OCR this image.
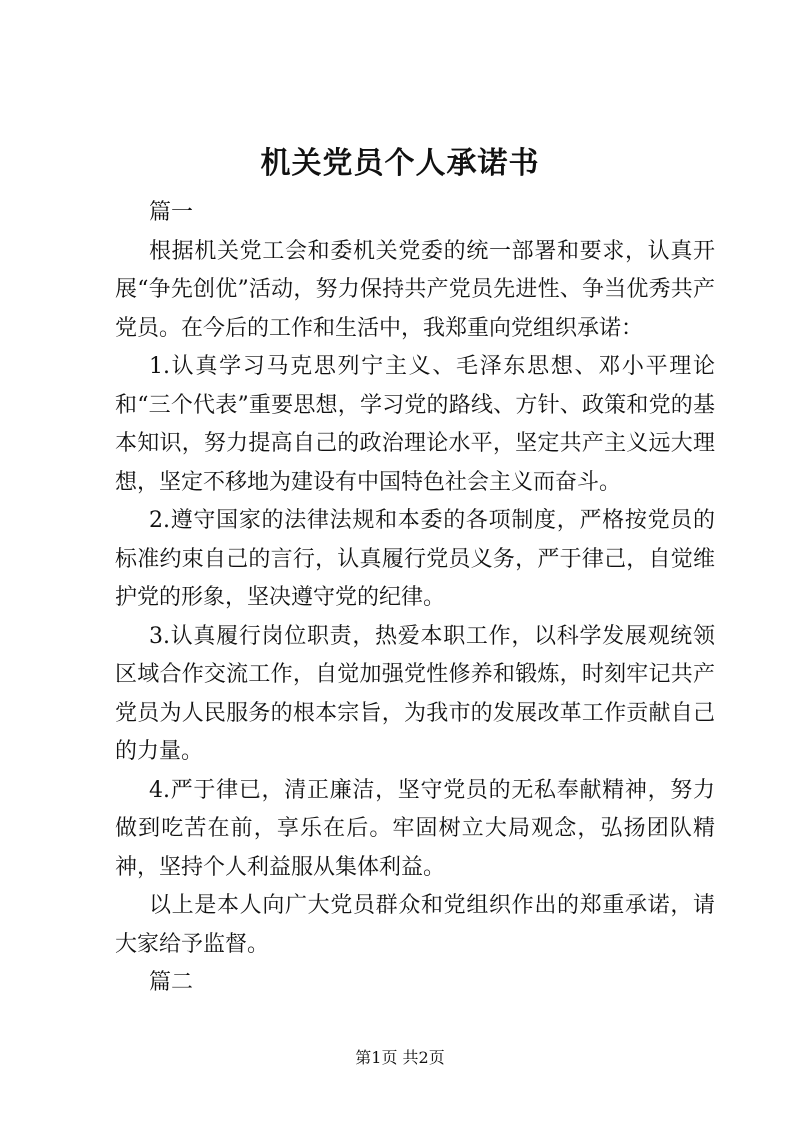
机关党员个人承诺书

篇一

根据机关党工会和委机关党委的统一部署和要求，认真开展“争先创优”活动，努力保持共产党员先进性、争当优秀共产党员。在今后的工作和生活中，我郑重向党组织承诺：

1.认真学习马克思列宁主义、毛泽东思想、邓小平理论和“三个代表”重要思想，学习党的路线、方针、政策和党的基本知识，努力提高自己的政治理论水平，坚定共产主义远大理想，坚定不移地为建设有中国特色社会主义而奋斗。

2.遵守国家的法律法规和本委的各项制度，严格按党员的标准约束自己的言行，认真履行党员义务，严于律己，自觉维护党的形象，坚决遵守党的纪律。

3.认真履行岗位职责，热爱本职工作，以科学发展观统领区域合作交流工作，自觉加强党性修养和锻炼，时刻牢记共产党员为人民服务的根本宗旨，为我市的发展改革工作贡献自己的力量。

4.严于律已，清正廉洁，坚守党员的无私奉献精神，努力做到吃苦在前，享乐在后。牢固树立大局观念，弘扬团队精神，坚持个人利益服从集体利益。

以上是本人向广大党员群众和党组织作出的郑重承诺，请大家给予监督。

篇二

第1页 共2页
